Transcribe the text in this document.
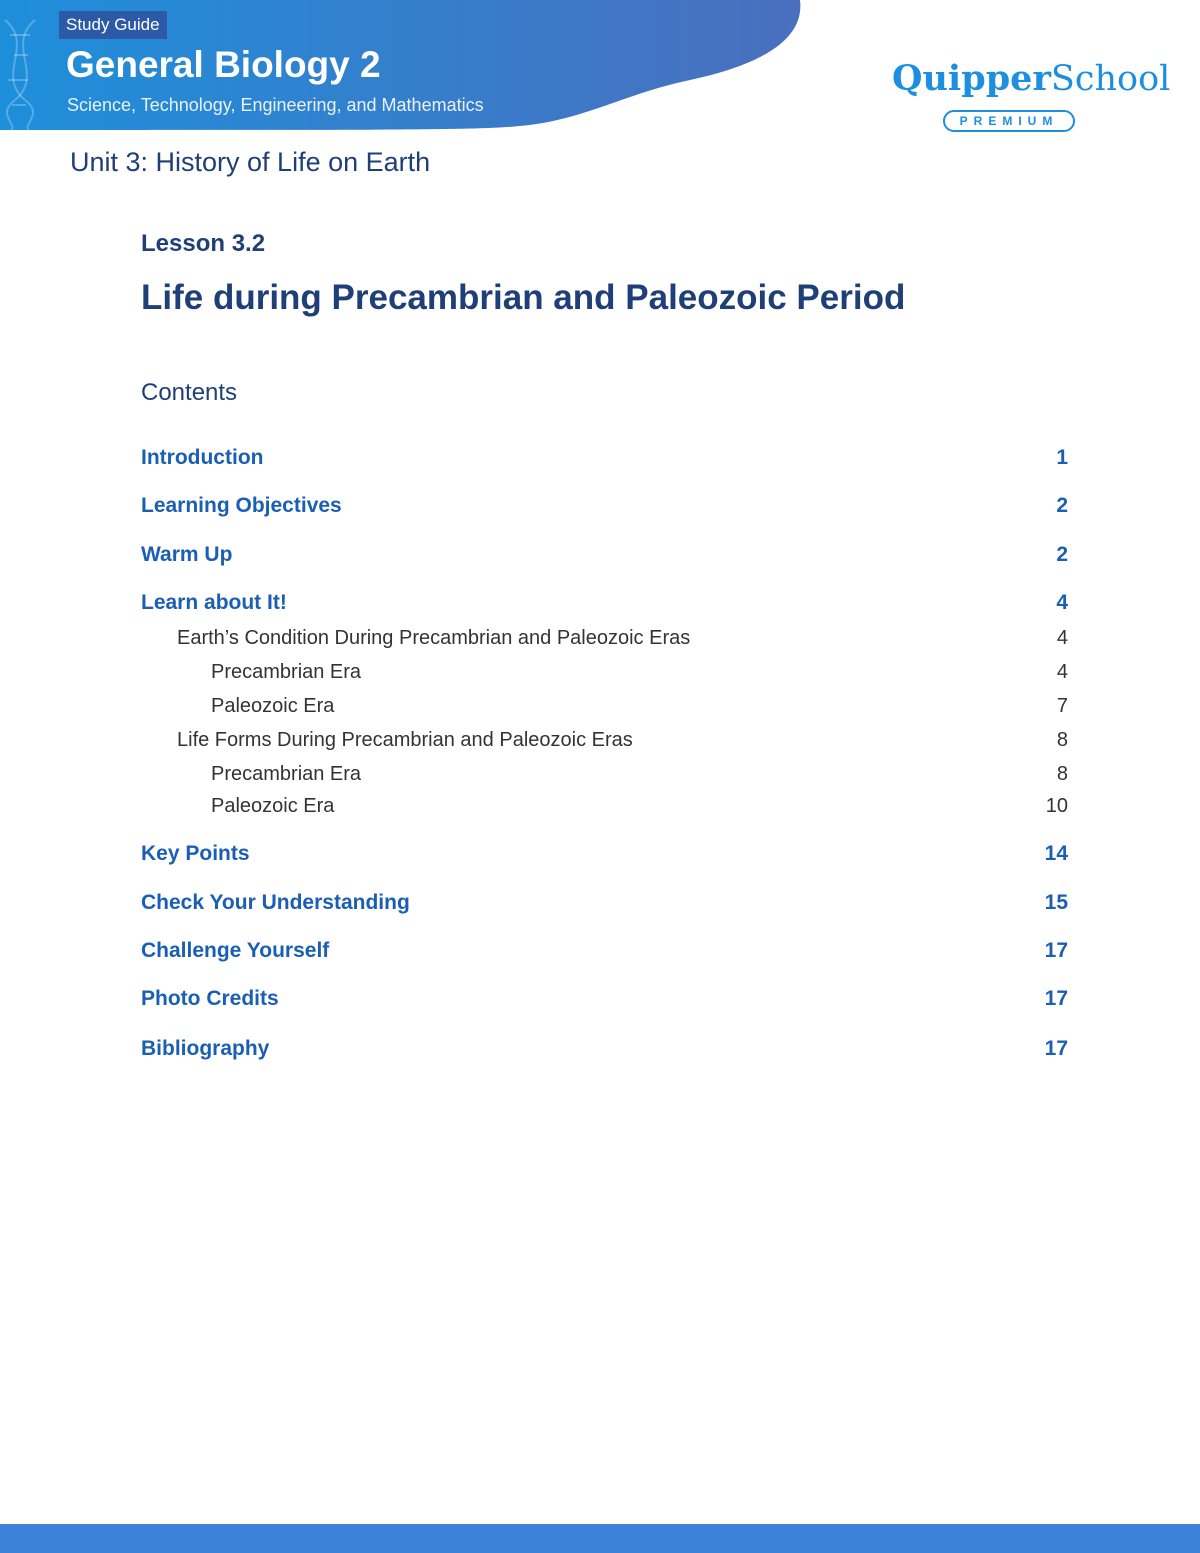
Study Guide
General Biology 2
Science, Technology, Engineering, and Mathematics
QuipperSchool
PREMIUM
Unit 3: History of Life on Earth
Lesson 3.2
Life during Precambrian and Paleozoic Period
Contents
Introduction	1
Learning Objectives	2
Warm Up	2
Learn about It!	4
Earth’s Condition During Precambrian and Paleozoic Eras	4
Precambrian Era	4
Paleozoic Era	7
Life Forms During Precambrian and Paleozoic Eras	8
Precambrian Era	8
Paleozoic Era	10
Key Points	14
Check Your Understanding	15
Challenge Yourself	17
Photo Credits	17
Bibliography	17
